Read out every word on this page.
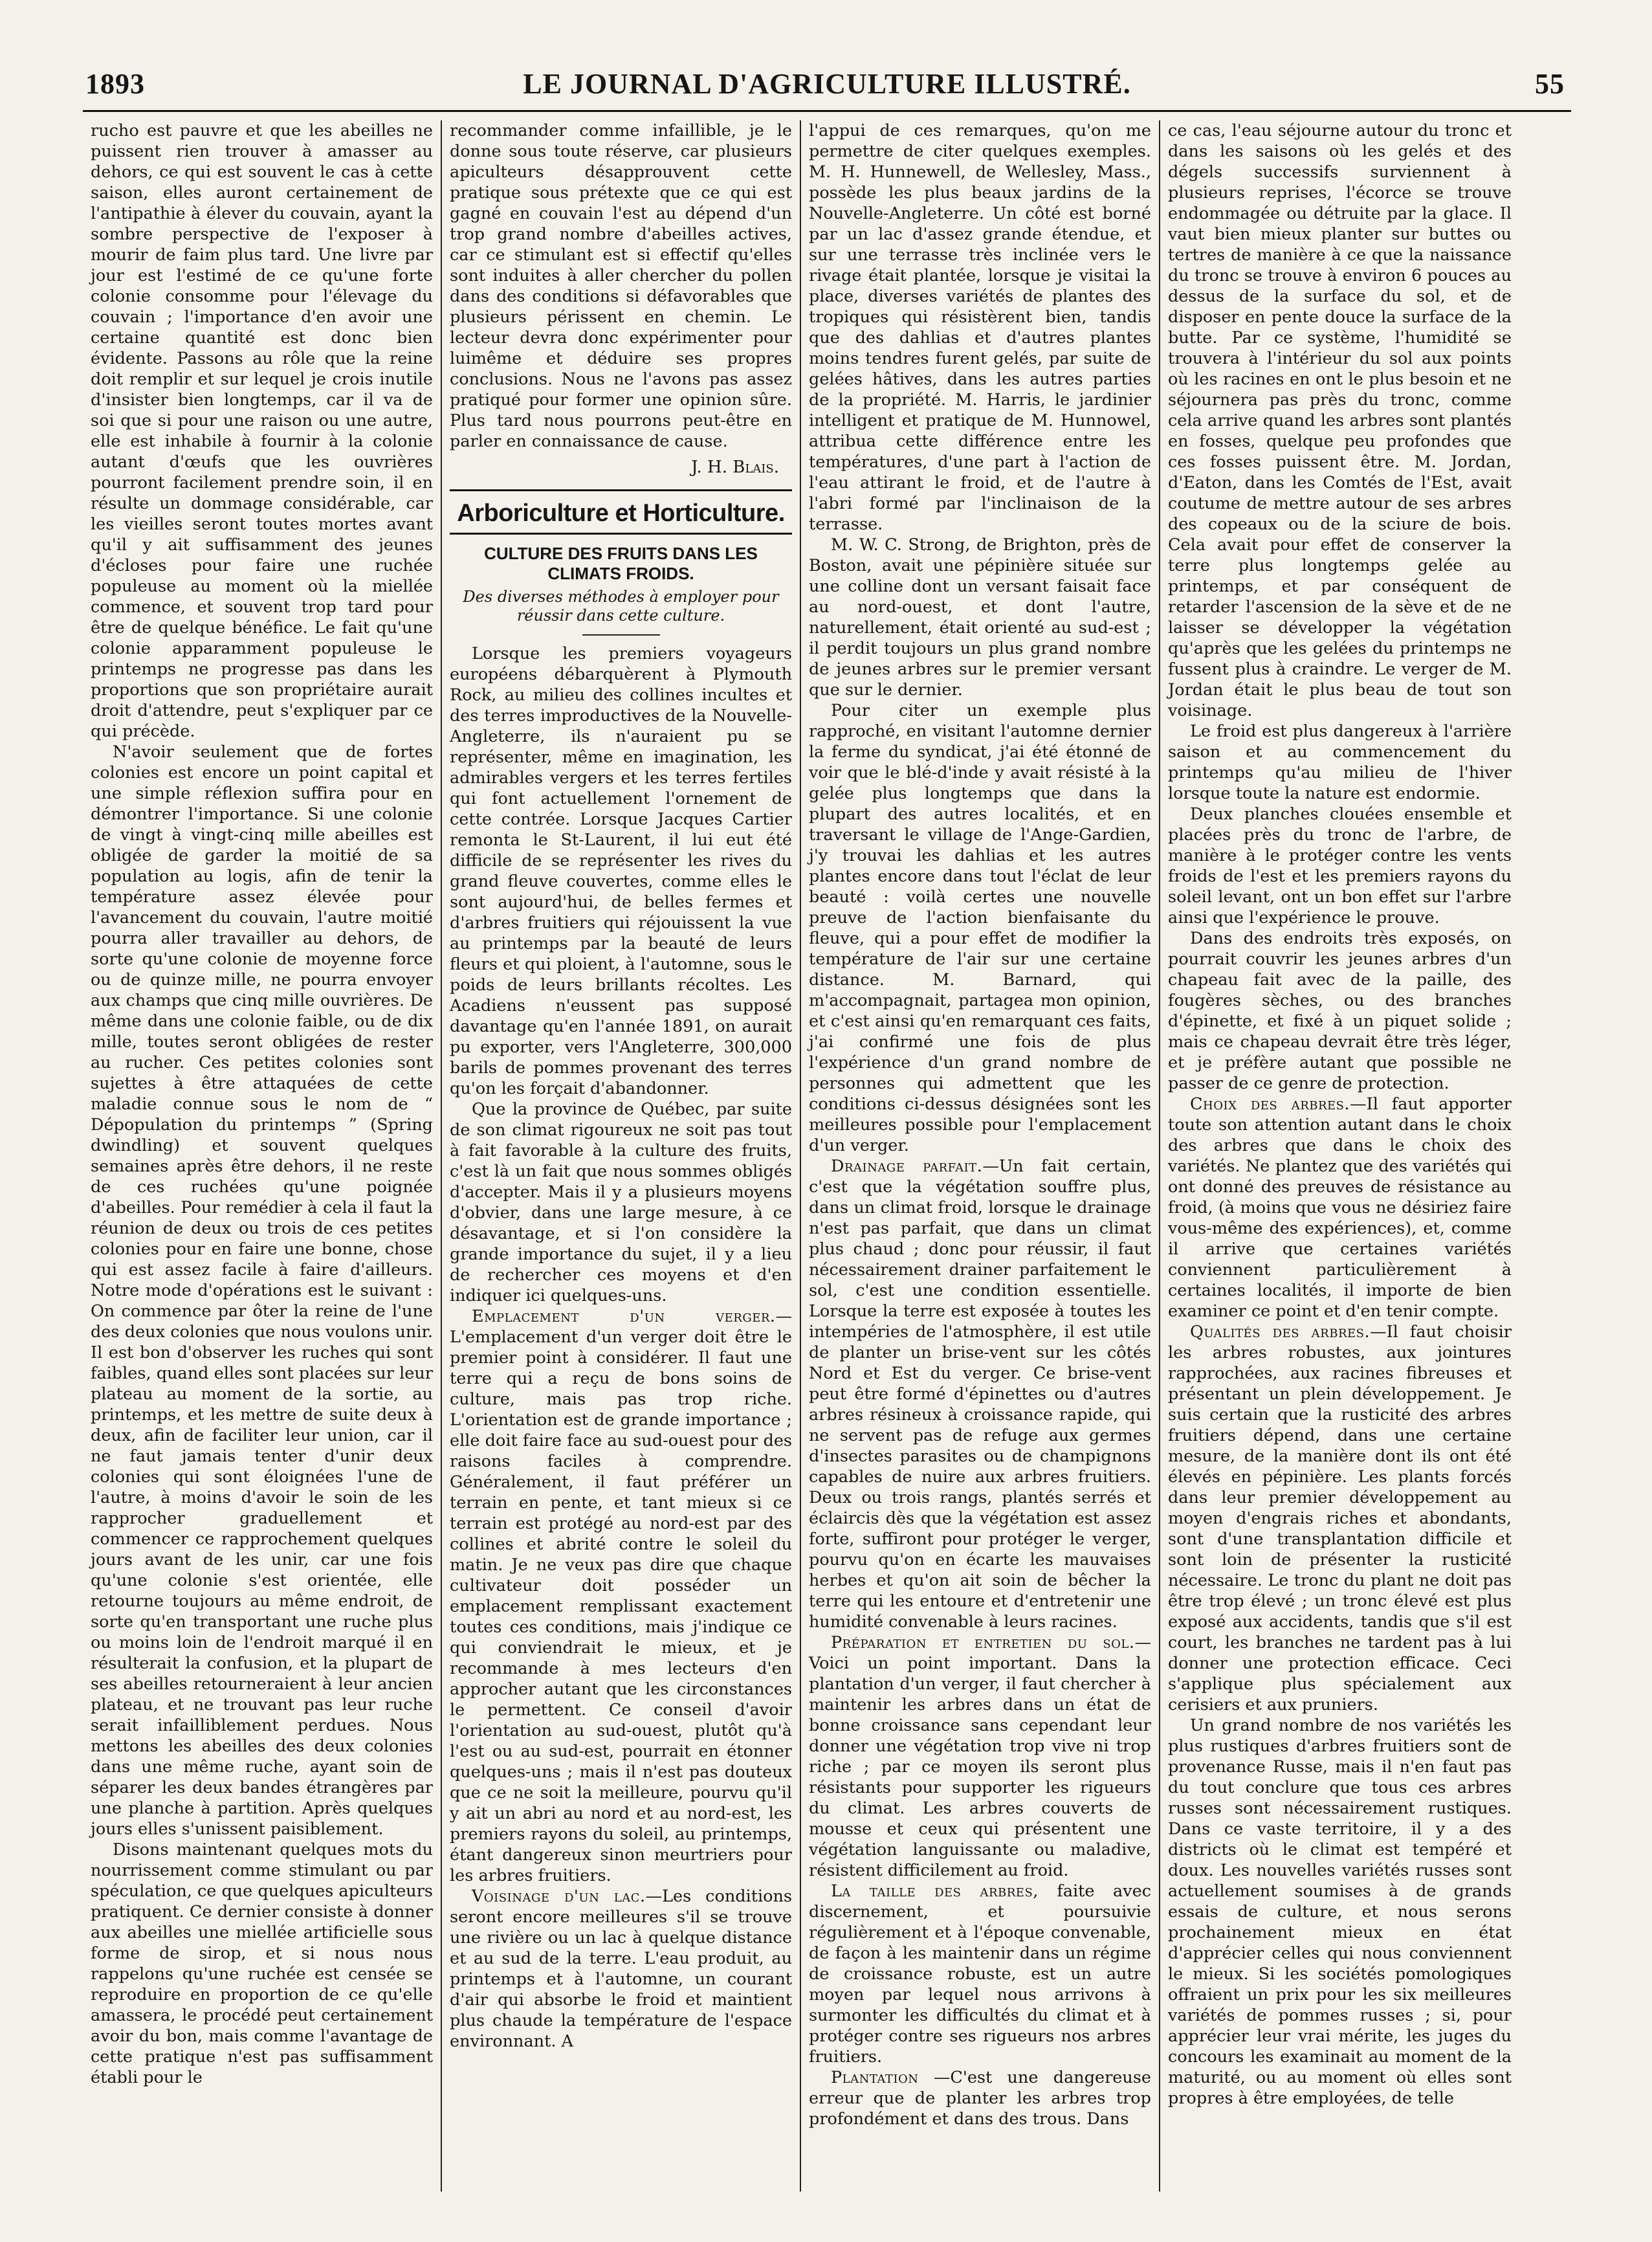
1893	LE JOURNAL D'AGRICULTURE ILLUSTRÉ.	55

rucho est pauvre et que les abeilles ne puissent rien trouver à amasser au dehors, ce qui est souvent le cas à cette saison, elles auront certainement de l'antipathie à élever du couvain, ayant la sombre perspective de l'exposer à mourir de faim plus tard. Une livre par jour est l'estimé de ce qu'une forte colonie consomme pour l'élevage du couvain ; l'importance d'en avoir une certaine quantité est donc bien évidente. Passons au rôle que la reine doit remplir et sur lequel je crois inutile d'insister bien longtemps, car il va de soi que si pour une raison ou une autre, elle est inhabile à fournir à la colonie autant d'œufs que les ouvrières pourront facilement prendre soin, il en résulte un dommage considérable, car les vieilles seront toutes mortes avant qu'il y ait suffisamment des jeunes d'écloses pour faire une ruchée populeuse au moment où la miellée commence, et souvent trop tard pour être de quelque bénéfice. Le fait qu'une colonie apparamment populeuse le printemps ne progresse pas dans les proportions que son propriétaire aurait droit d'attendre, peut s'expliquer par ce qui précède.

N'avoir seulement que de fortes colonies est encore un point capital et une simple réflexion suffira pour en démontrer l'importance. Si une colonie de vingt à vingt-cinq mille abeilles est obligée de garder la moitié de sa population au logis, afin de tenir la température assez élevée pour l'avancement du couvain, l'autre moitié pourra aller travailler au dehors, de sorte qu'une colonie de moyenne force ou de quinze mille, ne pourra envoyer aux champs que cinq mille ouvrières. De même dans une colonie faible, ou de dix mille, toutes seront obligées de rester au rucher. Ces petites colonies sont sujettes à être attaquées de cette maladie connue sous le nom de “ Dépopulation du printemps ” (Spring dwindling) et souvent quelques semaines après être dehors, il ne reste de ces ruchées qu'une poignée d'abeilles. Pour remédier à cela il faut la réunion de deux ou trois de ces petites colonies pour en faire une bonne, chose qui est assez facile à faire d'ailleurs. Notre mode d'opérations est le suivant : On commence par ôter la reine de l'une des deux colonies que nous voulons unir. Il est bon d'observer les ruches qui sont faibles, quand elles sont placées sur leur plateau au moment de la sortie, au printemps, et les mettre de suite deux à deux, afin de faciliter leur union, car il ne faut jamais tenter d'unir deux colonies qui sont éloignées l'une de l'autre, à moins d'avoir le soin de les rapprocher graduellement et commencer ce rapprochement quelques jours avant de les unir, car une fois qu'une colonie s'est orientée, elle retourne toujours au même endroit, de sorte qu'en transportant une ruche plus ou moins loin de l'endroit marqué il en résulterait la confusion, et la plupart de ses abeilles retourneraient à leur ancien plateau, et ne trouvant pas leur ruche serait infailliblement perdues. Nous mettons les abeilles des deux colonies dans une même ruche, ayant soin de séparer les deux bandes étrangères par une planche à partition. Après quelques jours elles s'unissent paisiblement.

Disons maintenant quelques mots du nourrissement comme stimulant ou par spéculation, ce que quelques apiculteurs pratiquent. Ce dernier consiste à donner aux abeilles une miellée artificielle sous forme de sirop, et si nous nous rappelons qu'une ruchée est censée se reproduire en proportion de ce qu'elle amassera, le procédé peut certainement avoir du bon, mais comme l'avantage de cette pratique n'est pas suffisamment établi pour le

recommander comme infaillible, je le donne sous toute réserve, car plusieurs apiculteurs désapprouvent cette pratique sous prétexte que ce qui est gagné en couvain l'est au dépend d'un trop grand nombre d'abeilles actives, car ce stimulant est si effectif qu'elles sont induites à aller chercher du pollen dans des conditions si défavorables que plusieurs périssent en chemin. Le lecteur devra donc expérimenter pour luimême et déduire ses propres conclusions. Nous ne l'avons pas assez pratiqué pour former une opinion sûre. Plus tard nous pourrons peut-être en parler en connaissance de cause.

J. H. Blais.
Arboriculture et Horticulture.
CULTURE DES FRUITS DANS LES CLIMATS FROIDS.
Des diverses méthodes à employer pour réussir dans cette culture.

Lorsque les premiers voyageurs européens débarquèrent à Plymouth Rock, au milieu des collines incultes et des terres improductives de la Nouvelle-Angleterre, ils n'auraient pu se représenter, même en imagination, les admirables vergers et les terres fertiles qui font actuellement l'ornement de cette contrée. Lorsque Jacques Cartier remonta le St-Laurent, il lui eut été difficile de se représenter les rives du grand fleuve couvertes, comme elles le sont aujourd'hui, de belles fermes et d'arbres fruitiers qui réjouissent la vue au printemps par la beauté de leurs fleurs et qui ploient, à l'automne, sous le poids de leurs brillants récoltes. Les Acadiens n'eussent pas supposé davantage qu'en l'année 1891, on aurait pu exporter, vers l'Angleterre, 300,000 barils de pommes provenant des terres qu'on les forçait d'abandonner.

Que la province de Québec, par suite de son climat rigoureux ne soit pas tout à fait favorable à la culture des fruits, c'est là un fait que nous sommes obligés d'accepter. Mais il y a plusieurs moyens d'obvier, dans une large mesure, à ce désavantage, et si l'on considère la grande importance du sujet, il y a lieu de rechercher ces moyens et d'en indiquer ici quelques-uns.

Emplacement d'un verger.—L'emplacement d'un verger doit être le premier point à considérer. Il faut une terre qui a reçu de bons soins de culture, mais pas trop riche. L'orientation est de grande importance ; elle doit faire face au sud-ouest pour des raisons faciles à comprendre. Généralement, il faut préférer un terrain en pente, et tant mieux si ce terrain est protégé au nord-est par des collines et abrité contre le soleil du matin. Je ne veux pas dire que chaque cultivateur doit posséder un emplacement remplissant exactement toutes ces conditions, mais j'indique ce qui conviendrait le mieux, et je recommande à mes lecteurs d'en approcher autant que les circonstances le permettent. Ce conseil d'avoir l'orientation au sud-ouest, plutôt qu'à l'est ou au sud-est, pourrait en étonner quelques-uns ; mais il n'est pas douteux que ce ne soit la meilleure, pourvu qu'il y ait un abri au nord et au nord-est, les premiers rayons du soleil, au printemps, étant dangereux sinon meurtriers pour les arbres fruitiers.

Voisinage d'un lac.—Les conditions seront encore meilleures s'il se trouve une rivière ou un lac à quelque distance et au sud de la terre. L'eau produit, au printemps et à l'automne, un courant d'air qui absorbe le froid et maintient plus chaude la température de l'espace environnant. A

l'appui de ces remarques, qu'on me permettre de citer quelques exemples. M. H. Hunnewell, de Wellesley, Mass., possède les plus beaux jardins de la Nouvelle-Angleterre. Un côté est borné par un lac d'assez grande étendue, et sur une terrasse très inclinée vers le rivage était plantée, lorsque je visitai la place, diverses variétés de plantes des tropiques qui résistèrent bien, tandis que des dahlias et d'autres plantes moins tendres furent gelés, par suite de gelées hâtives, dans les autres parties de la propriété. M. Harris, le jardinier intelligent et pratique de M. Hunnowel, attribua cette différence entre les températures, d'une part à l'action de l'eau attirant le froid, et de l'autre à l'abri formé par l'inclinaison de la terrasse.

M. W. C. Strong, de Brighton, près de Boston, avait une pépinière située sur une colline dont un versant faisait face au nord-ouest, et dont l'autre, naturellement, était orienté au sud-est ; il perdit toujours un plus grand nombre de jeunes arbres sur le premier versant que sur le dernier.

Pour citer un exemple plus rapproché, en visitant l'automne dernier la ferme du syndicat, j'ai été étonné de voir que le blé-d'inde y avait résisté à la gelée plus longtemps que dans la plupart des autres localités, et en traversant le village de l'Ange-Gardien, j'y trouvai les dahlias et les autres plantes encore dans tout l'éclat de leur beauté : voilà certes une nouvelle preuve de l'action bienfaisante du fleuve, qui a pour effet de modifier la température de l'air sur une certaine distance. M. Barnard, qui m'accompagnait, partagea mon opinion, et c'est ainsi qu'en remarquant ces faits, j'ai confirmé une fois de plus l'expérience d'un grand nombre de personnes qui admettent que les conditions ci-dessus désignées sont les meilleures possible pour l'emplacement d'un verger.

Drainage parfait.—Un fait certain, c'est que la végétation souffre plus, dans un climat froid, lorsque le drainage n'est pas parfait, que dans un climat plus chaud ; donc pour réussir, il faut nécessairement drainer parfaitement le sol, c'est une condition essentielle. Lorsque la terre est exposée à toutes les intempéries de l'atmosphère, il est utile de planter un brise-vent sur les côtés Nord et Est du verger. Ce brise-vent peut être formé d'épinettes ou d'autres arbres résineux à croissance rapide, qui ne servent pas de refuge aux germes d'insectes parasites ou de champignons capables de nuire aux arbres fruitiers. Deux ou trois rangs, plantés serrés et éclaircis dès que la végétation est assez forte, suffiront pour protéger le verger, pourvu qu'on en écarte les mauvaises herbes et qu'on ait soin de bêcher la terre qui les entoure et d'entretenir une humidité convenable à leurs racines.

Préparation et entretien du sol.—Voici un point important. Dans la plantation d'un verger, il faut chercher à maintenir les arbres dans un état de bonne croissance sans cependant leur donner une végétation trop vive ni trop riche ; par ce moyen ils seront plus résistants pour supporter les rigueurs du climat. Les arbres couverts de mousse et ceux qui présentent une végétation languissante ou maladive, résistent difficilement au froid.

La taille des arbres, faite avec discernement, et poursuivie régulièrement et à l'époque convenable, de façon à les maintenir dans un régime de croissance robuste, est un autre moyen par lequel nous arrivons à surmonter les difficultés du climat et à protéger contre ses rigueurs nos arbres fruitiers.

Plantation —C'est une dangereuse erreur que de planter les arbres trop profondément et dans des trous. Dans

ce cas, l'eau séjourne autour du tronc et dans les saisons où les gelés et des dégels successifs surviennent à plusieurs reprises, l'écorce se trouve endommagée ou détruite par la glace. Il vaut bien mieux planter sur buttes ou tertres de manière à ce que la naissance du tronc se trouve à environ 6 pouces au dessus de la surface du sol, et de disposer en pente douce la surface de la butte. Par ce système, l'humidité se trouvera à l'intérieur du sol aux points où les racines en ont le plus besoin et ne séjournera pas près du tronc, comme cela arrive quand les arbres sont plantés en fosses, quelque peu profondes que ces fosses puissent être. M. Jordan, d'Eaton, dans les Comtés de l'Est, avait coutume de mettre autour de ses arbres des copeaux ou de la sciure de bois. Cela avait pour effet de conserver la terre plus longtemps gelée au printemps, et par conséquent de retarder l'ascension de la sève et de ne laisser se développer la végétation qu'après que les gelées du printemps ne fussent plus à craindre. Le verger de M. Jordan était le plus beau de tout son voisinage.

Le froid est plus dangereux à l'arrière saison et au commencement du printemps qu'au milieu de l'hiver lorsque toute la nature est endormie.

Deux planches clouées ensemble et placées près du tronc de l'arbre, de manière à le protéger contre les vents froids de l'est et les premiers rayons du soleil levant, ont un bon effet sur l'arbre ainsi que l'expérience le prouve.

Dans des endroits très exposés, on pourrait couvrir les jeunes arbres d'un chapeau fait avec de la paille, des fougères sèches, ou des branches d'épinette, et fixé à un piquet solide ; mais ce chapeau devrait être très léger, et je préfère autant que possible ne passer de ce genre de protection.

Choix des arbres.—Il faut apporter toute son attention autant dans le choix des arbres que dans le choix des variétés. Ne plantez que des variétés qui ont donné des preuves de résistance au froid, (à moins que vous ne désiriez faire vous-même des expériences), et, comme il arrive que certaines variétés conviennent particulièrement à certaines localités, il importe de bien examiner ce point et d'en tenir compte.

Qualités des arbres.—Il faut choisir les arbres robustes, aux jointures rapprochées, aux racines fibreuses et présentant un plein développement. Je suis certain que la rusticité des arbres fruitiers dépend, dans une certaine mesure, de la manière dont ils ont été élevés en pépinière. Les plants forcés dans leur premier développement au moyen d'engrais riches et abondants, sont d'une transplantation difficile et sont loin de présenter la rusticité nécessaire. Le tronc du plant ne doit pas être trop élevé ; un tronc élevé est plus exposé aux accidents, tandis que s'il est court, les branches ne tardent pas à lui donner une protection efficace. Ceci s'applique plus spécialement aux cerisiers et aux pruniers.

Un grand nombre de nos variétés les plus rustiques d'arbres fruitiers sont de provenance Russe, mais il n'en faut pas du tout conclure que tous ces arbres russes sont nécessairement rustiques. Dans ce vaste territoire, il y a des districts où le climat est tempéré et doux. Les nouvelles variétés russes sont actuellement soumises à de grands essais de culture, et nous serons prochainement mieux en état d'apprécier celles qui nous conviennent le mieux. Si les sociétés pomologiques offraient un prix pour les six meilleures variétés de pommes russes ; si, pour apprécier leur vrai mérite, les juges du concours les examinait au moment de la maturité, ou au moment où elles sont propres à être employées, de telle
